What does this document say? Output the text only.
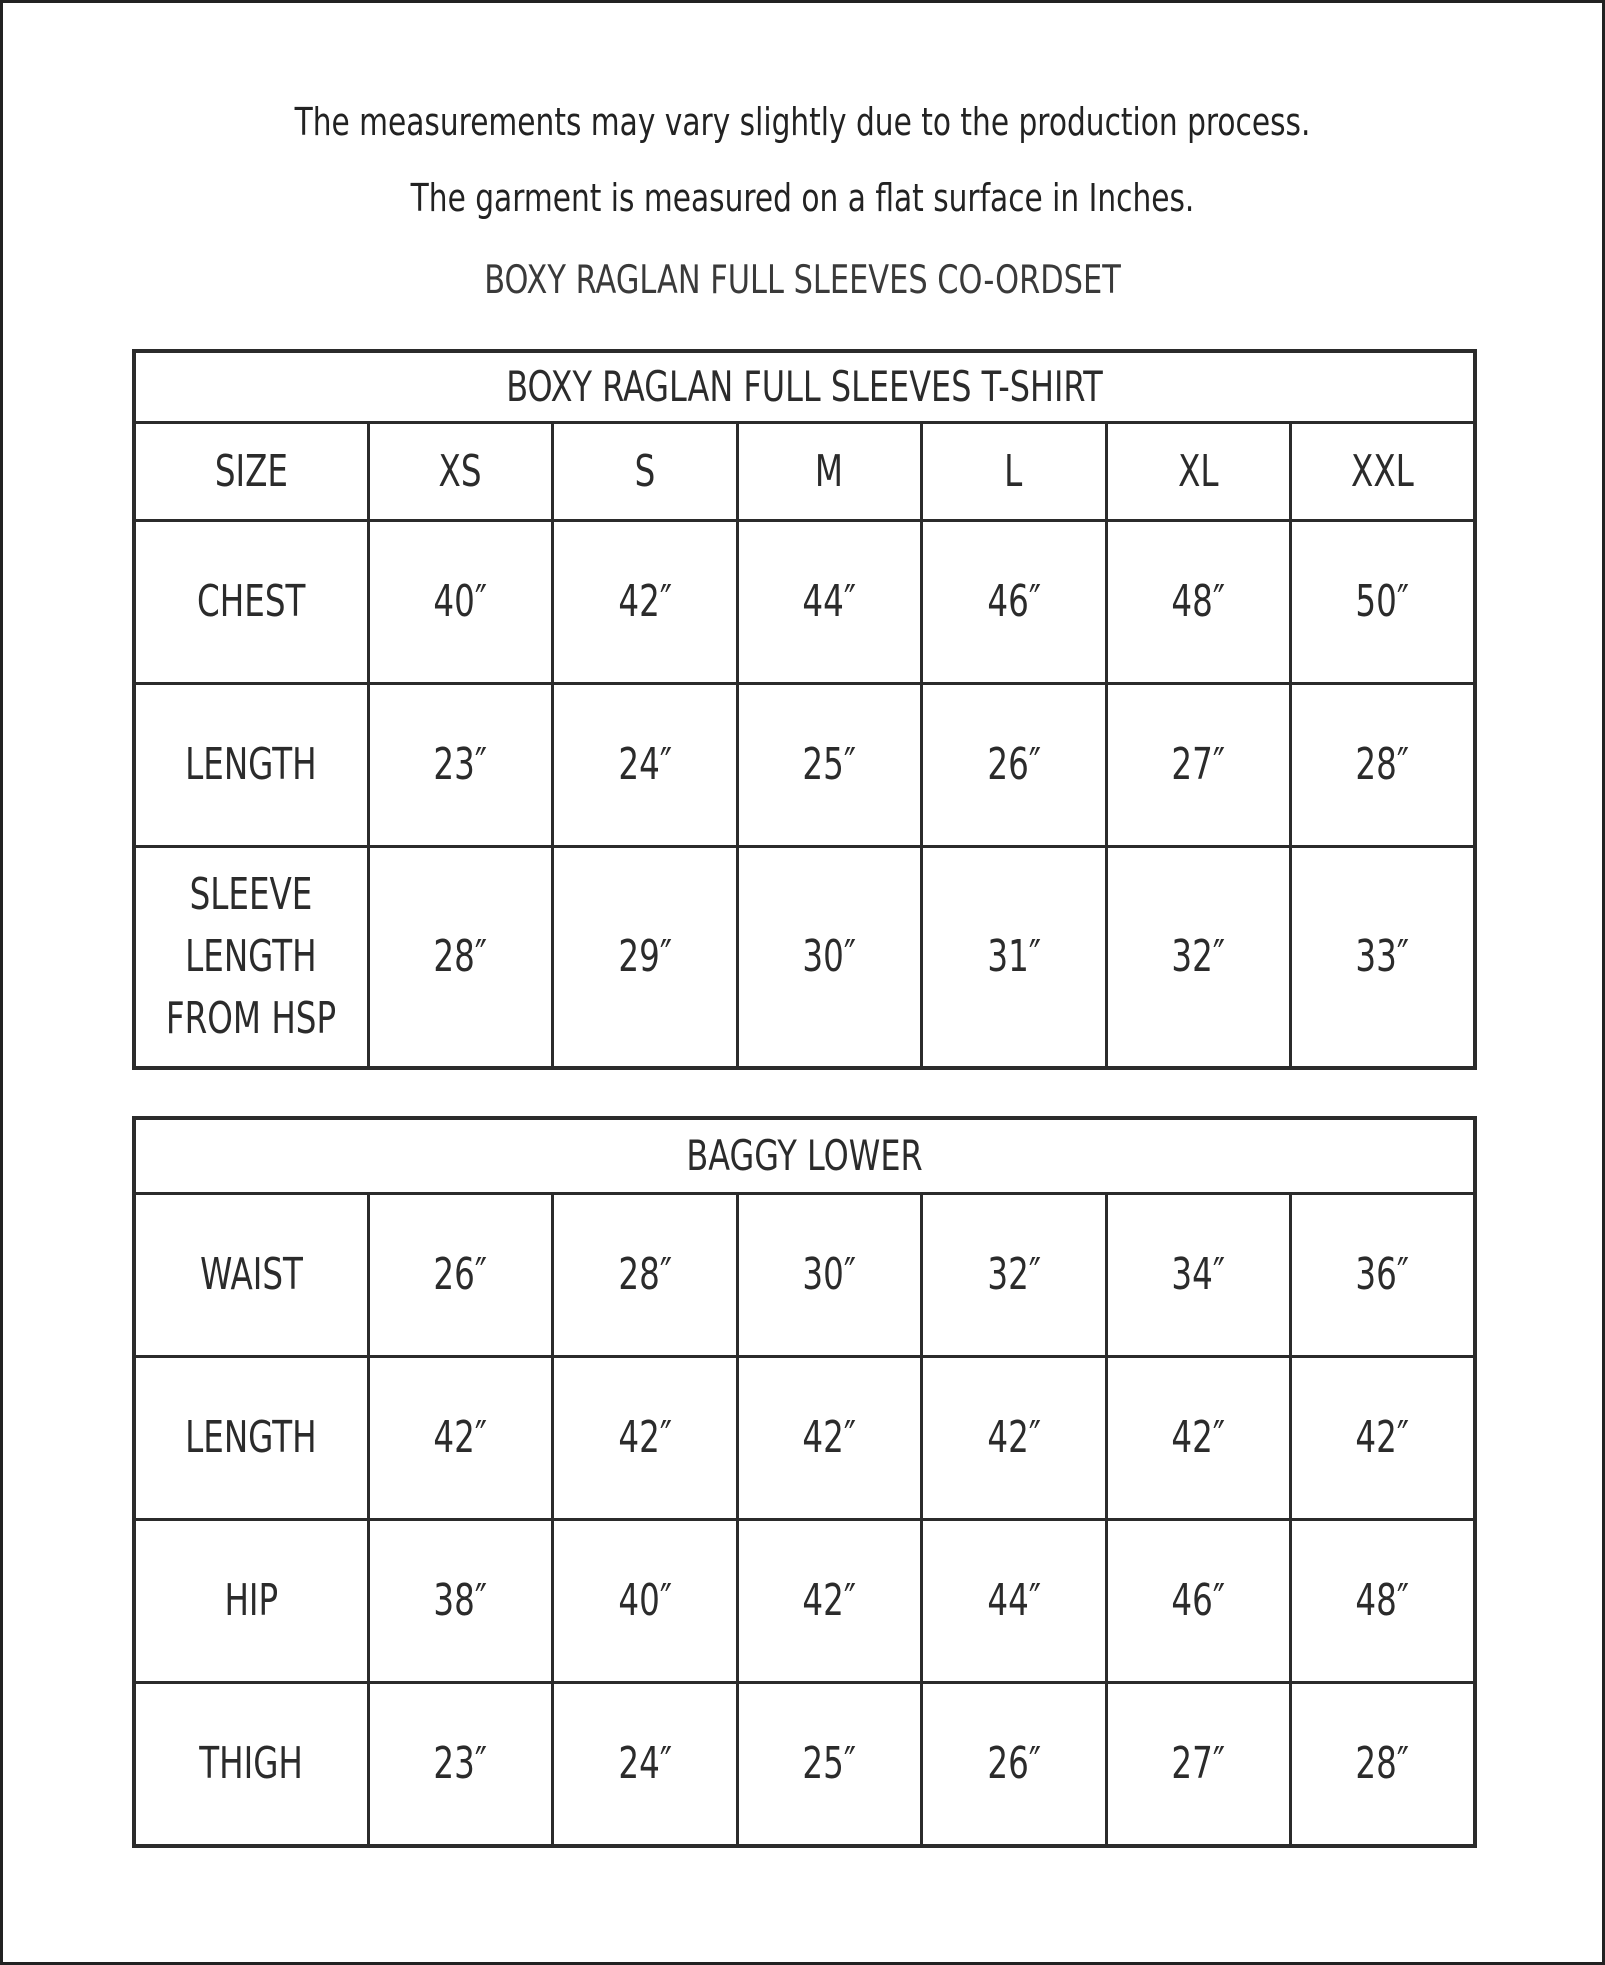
The measurements may vary slightly due to the production process.
The garment is measured on a flat surface in Inches.
BOXY RAGLAN FULL SLEEVES CO-ORDSET
BOXY RAGLAN FULL SLEEVES T-SHIRT						
SIZE	XS	S	M	L	XL	XXL
CHEST	40″	42″	44″	46″	48″	50″
LENGTH	23″	24″	25″	26″	27″	28″
SLEEVE
LENGTH
FROM HSP	28″	29″	30″	31″	32″	33″
BAGGY LOWER						
WAIST	26″	28″	30″	32″	34″	36″
LENGTH	42″	42″	42″	42″	42″	42″
HIP	38″	40″	42″	44″	46″	48″
THIGH	23″	24″	25″	26″	27″	28″
